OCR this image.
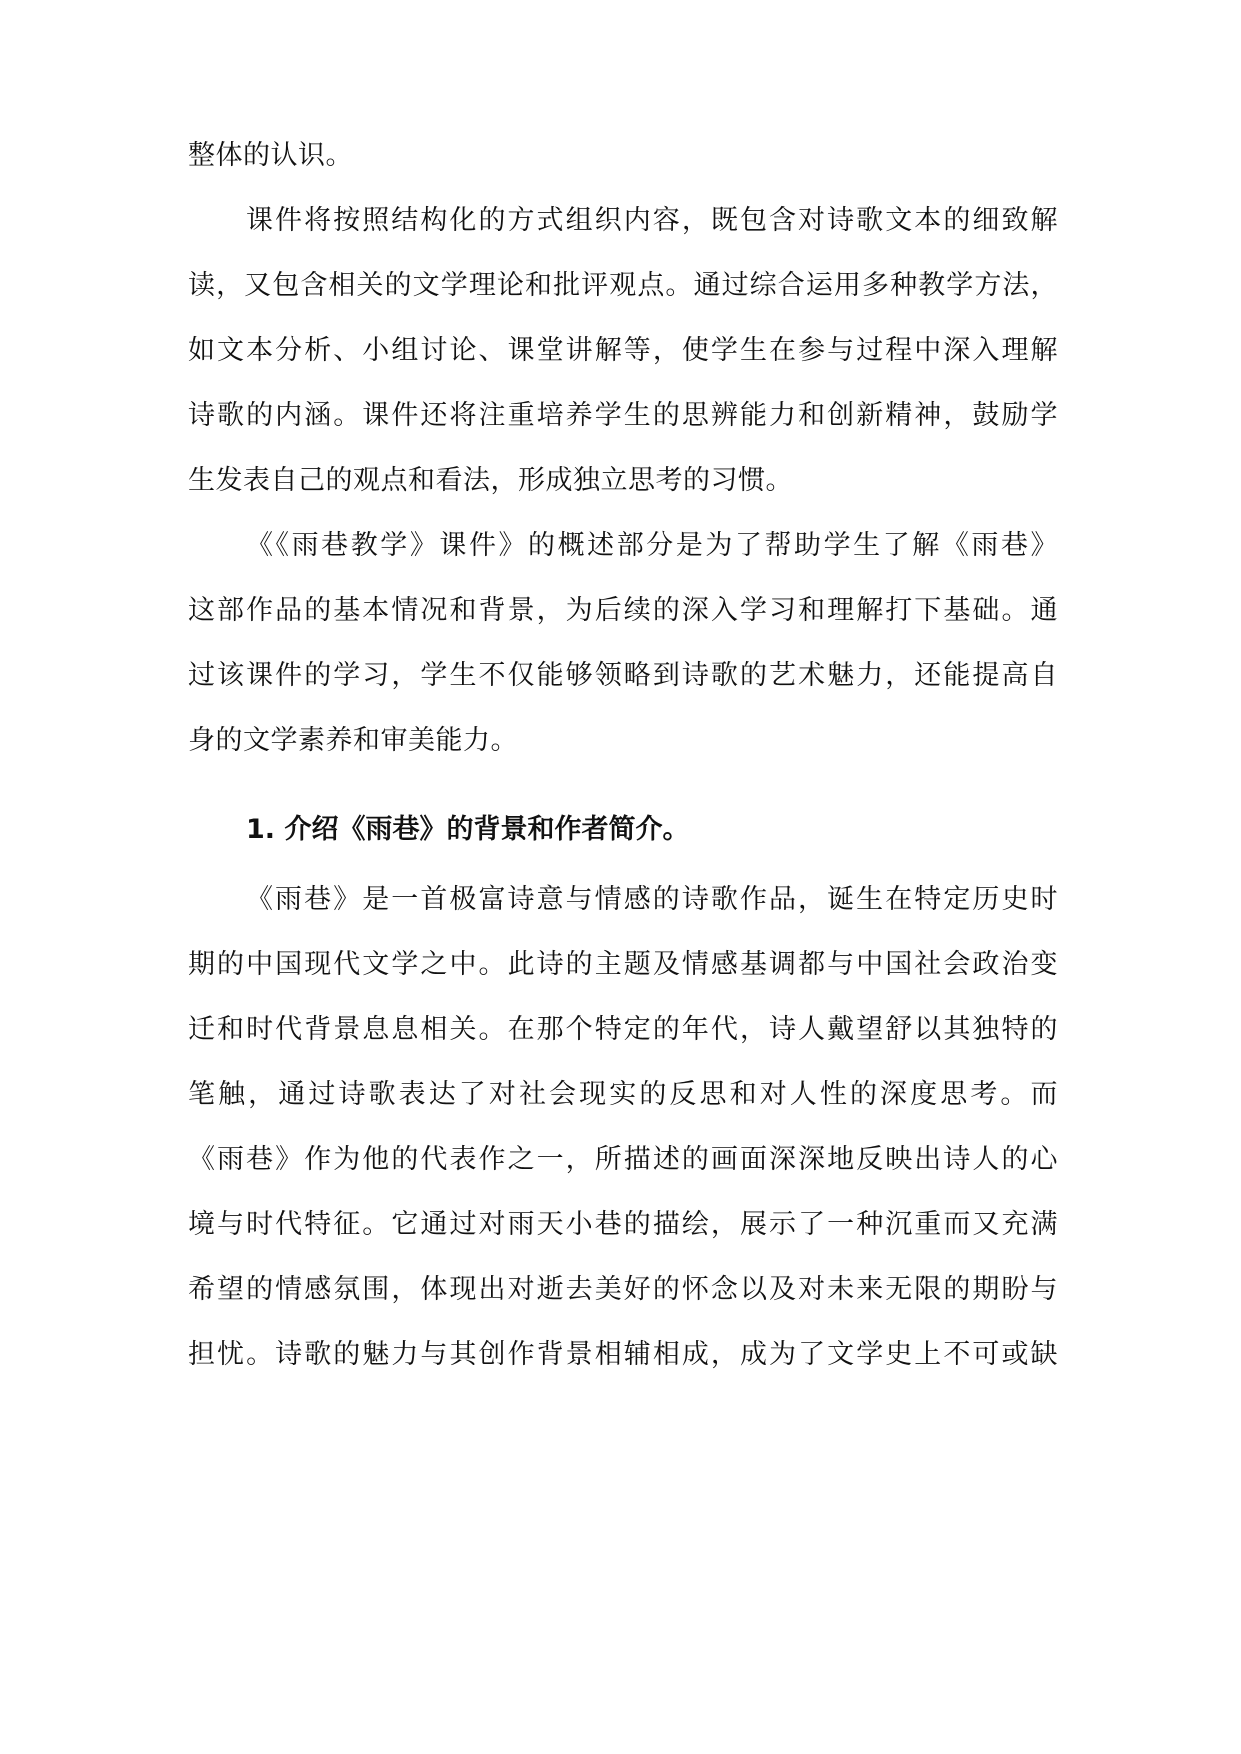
整体的认识。
课件将按照结构化的方式组织内容，既包含对诗歌文本的细致解
读，又包含相关的文学理论和批评观点。通过综合运用多种教学方法，
如文本分析、小组讨论、课堂讲解等，使学生在参与过程中深入理解
诗歌的内涵。课件还将注重培养学生的思辨能力和创新精神，鼓励学
生发表自己的观点和看法，形成独立思考的习惯。
《《雨巷教学》课件》的概述部分是为了帮助学生了解《雨巷》
这部作品的基本情况和背景，为后续的深入学习和理解打下基础。通
过该课件的学习，学生不仅能够领略到诗歌的艺术魅力，还能提高自
身的文学素养和审美能力。
1. 介绍《雨巷》的背景和作者简介。
《雨巷》是一首极富诗意与情感的诗歌作品，诞生在特定历史时
期的中国现代文学之中。此诗的主题及情感基调都与中国社会政治变
迁和时代背景息息相关。在那个特定的年代，诗人戴望舒以其独特的
笔触，通过诗歌表达了对社会现实的反思和对人性的深度思考。而
《雨巷》作为他的代表作之一，所描述的画面深深地反映出诗人的心
境与时代特征。它通过对雨天小巷的描绘，展示了一种沉重而又充满
希望的情感氛围，体现出对逝去美好的怀念以及对未来无限的期盼与
担忧。诗歌的魅力与其创作背景相辅相成，成为了文学史上不可或缺
